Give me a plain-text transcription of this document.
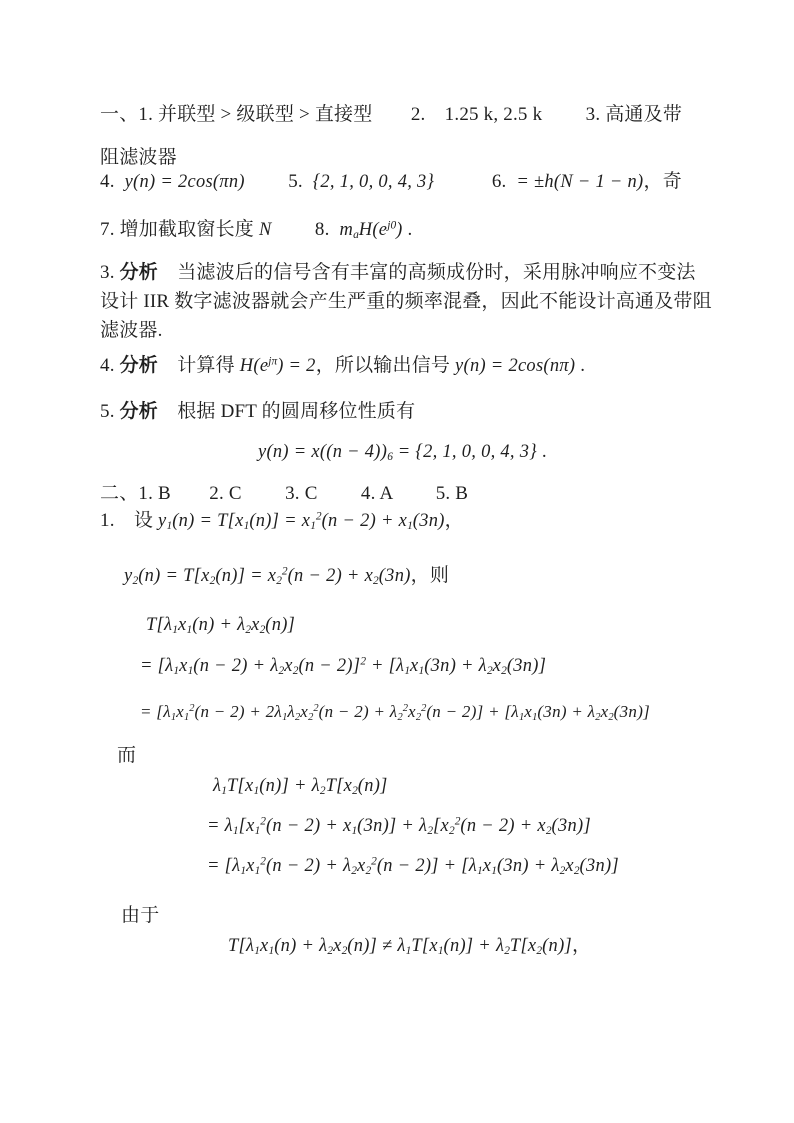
一、1. 并联型 > 级联型 > 直接型　　2.　1.25 k, 2.5 k　　 3. 高通及带
阻滤波器
4.  y(n) = 2cos(πn)　　 5.  {2, 1, 0, 0, 4, 3}　　　6.  = ±h(N − 1 − n)，奇
7. 增加截取窗长度 N　　 8.  $m_aH(e^{j0})$ .
3. 分析　当滤波后的信号含有丰富的高频成份时，采用脉冲响应不变法
设计 IIR 数字滤波器就会产生严重的频率混叠，因此不能设计高通及带阻
滤波器.
4. 分析　计算得 $H(e^{j\pi}) = 2$，所以输出信号 y(n) = 2cos(nπ) .
5. 分析　根据 DFT 的圆周移位性质有
$y(n) = x((n - 4))_6 = \{2$, 1, 0, 0, 4, 3} .
二、1. B　　2. C　　 3. C　　 4. A　　 5. B
1.　设 $y_1(n) = T[x_1(n)] = x_1^2(n - 2) + x_1(3n)$，
$y_2(n) = T[x_2(n)] = x_2^2(n - 2) + x_2(3n)$，则
$T[\lambda_1x_1(n) + \lambda_2x_2(n)]$
= $[\lambda_1x_1(n - 2) + \lambda_2x_2(n - 2)]^2 + [\lambda_1x_1(3n) + \lambda_2x_2(3n)]$
= $[\lambda_1x_1^2(n - 2) + 2\lambda_1\lambda_2x_2^2(n - 2) + \lambda_2^2x_2^2(n - 2)] + [\lambda_1x_1(3n) + \lambda_2x_2(3n)]$
而
$\lambda_1T[x_1(n)] + \lambda_2T[x_2(n)]$
= $\lambda_1[x_1^2(n - 2) + x_1(3n)] + \lambda_2[x_2^2(n - 2) + x_2(3n)]$
= $[\lambda_1x_1^2(n - 2) + \lambda_2x_2^2(n - 2)] + [\lambda_1x_1(3n) + \lambda_2x_2(3n)]$
由于
$T[\lambda_1x_1(n) + \lambda_2x_2(n)] \ne \lambda_1T[x_1(n)] + \lambda_2T[x_2(n)]$，
